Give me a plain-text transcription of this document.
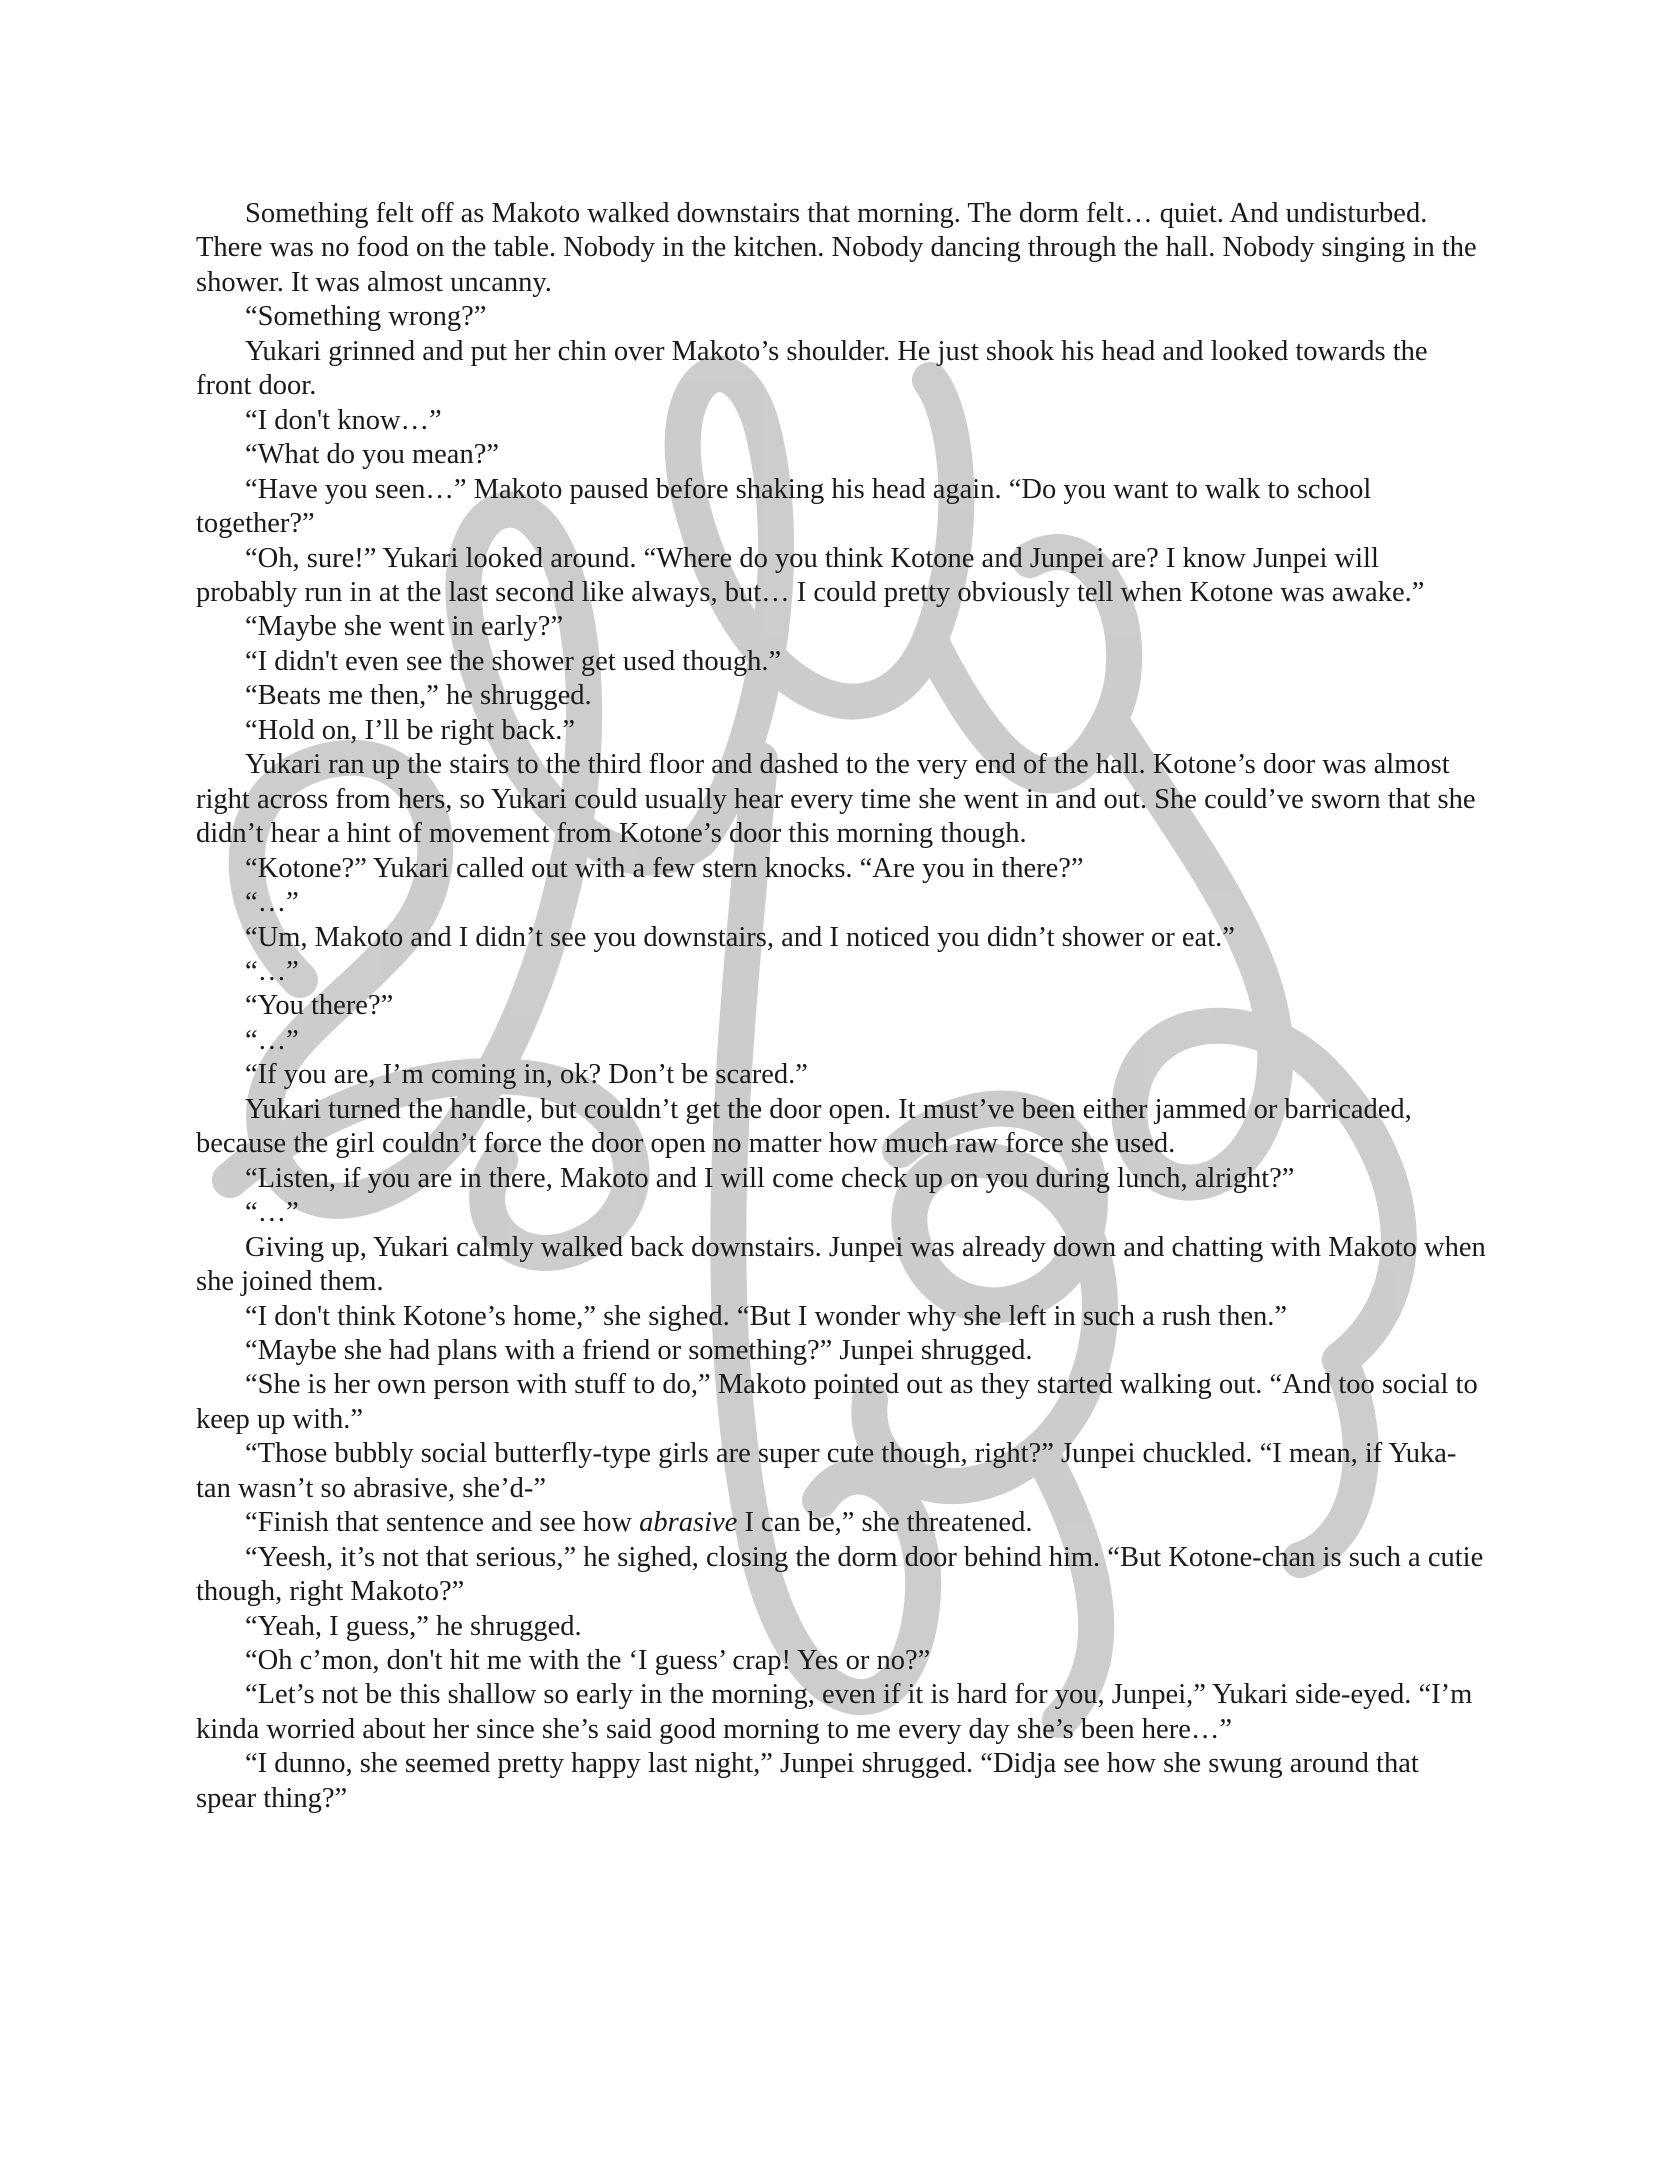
Something felt off as Makoto walked downstairs that morning. The dorm felt… quiet. And undisturbed. There was no food on the table. Nobody in the kitchen. Nobody dancing through the hall. Nobody singing in the shower. It was almost uncanny.

“Something wrong?”

Yukari grinned and put her chin over Makoto’s shoulder. He just shook his head and looked towards the front door.

“I don't know…”

“What do you mean?”

“Have you seen…” Makoto paused before shaking his head again. “Do you want to walk to school together?”

“Oh, sure!” Yukari looked around. “Where do you think Kotone and Junpei are? I know Junpei will probably run in at the last second like always, but… I could pretty obviously tell when Kotone was awake.”

“Maybe she went in early?”

“I didn't even see the shower get used though.”

“Beats me then,” he shrugged.

“Hold on, I’ll be right back.”

Yukari ran up the stairs to the third floor and dashed to the very end of the hall. Kotone’s door was almost right across from hers, so Yukari could usually hear every time she went in and out. She could’ve sworn that she didn’t hear a hint of movement from Kotone’s door this morning though.

“Kotone?” Yukari called out with a few stern knocks. “Are you in there?”

“…”

“Um, Makoto and I didn’t see you downstairs, and I noticed you didn’t shower or eat.”

“…”

“You there?”

“…”

“If you are, I’m coming in, ok? Don’t be scared.”

Yukari turned the handle, but couldn’t get the door open. It must’ve been either jammed or barricaded, because the girl couldn’t force the door open no matter how much raw force she used.

“Listen, if you are in there, Makoto and I will come check up on you during lunch, alright?”

“…”

Giving up, Yukari calmly walked back downstairs. Junpei was already down and chatting with Makoto when she joined them.

“I don't think Kotone’s home,” she sighed. “But I wonder why she left in such a rush then.”

“Maybe she had plans with a friend or something?” Junpei shrugged.

“She is her own person with stuff to do,” Makoto pointed out as they started walking out. “And too social to keep up with.”

“Those bubbly social butterfly-type girls are super cute though, right?” Junpei chuckled. “I mean, if Yuka-tan wasn’t so abrasive, she’d-”

“Finish that sentence and see how abrasive I can be,” she threatened.

“Yeesh, it’s not that serious,” he sighed, closing the dorm door behind him. “But Kotone-chan is such a cutie though, right Makoto?”

“Yeah, I guess,” he shrugged.

“Oh c’mon, don't hit me with the ‘I guess’ crap! Yes or no?”

“Let’s not be this shallow so early in the morning, even if it is hard for you, Junpei,” Yukari side-eyed. “I’m kinda worried about her since she’s said good morning to me every day she’s been here…”

“I dunno, she seemed pretty happy last night,” Junpei shrugged. “Didja see how she swung around that spear thing?”
